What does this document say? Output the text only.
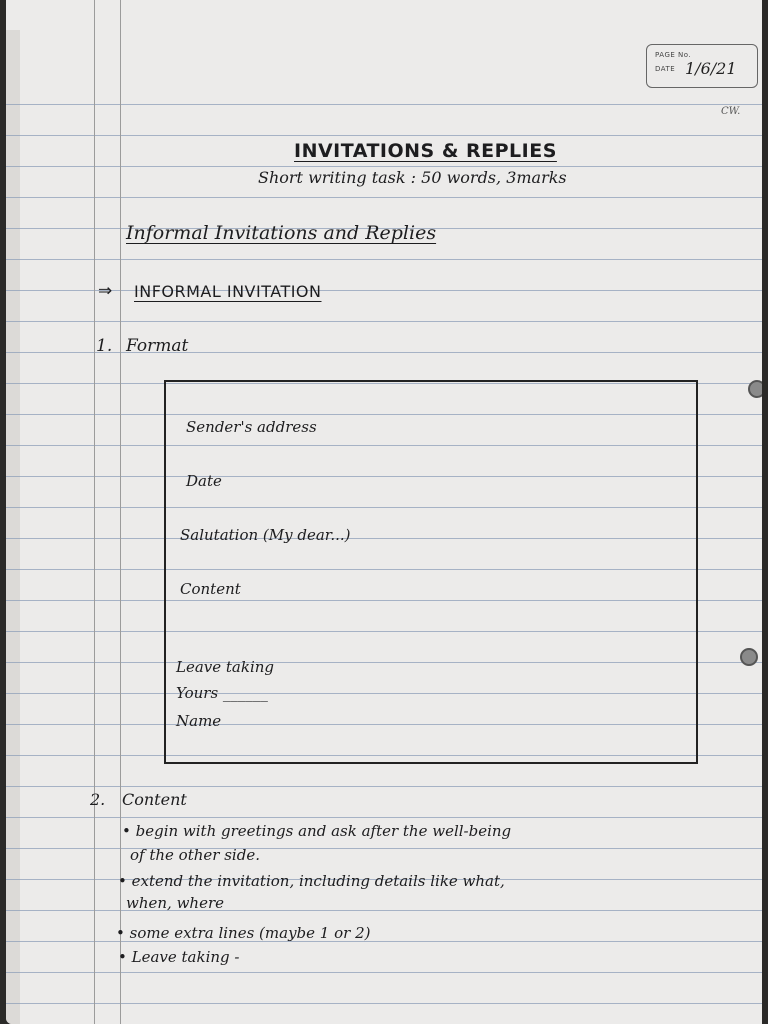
PAGE No.
DATE 1/6/21
CW.
INVITATIONS & REPLIES
Short writing task : 50 words, 3marks
Informal Invitations and Replies
⇒ INFORMAL INVITATION
1. Format
Sender's address
Date
Salutation (My dear...)
Content
Leave taking
Yours ______
Name
2. Content
• begin with greetings and ask after the well-being
of the other side.
• extend the invitation, including details like what,
when, where
• some extra lines (maybe 1 or 2)
• Leave taking -
